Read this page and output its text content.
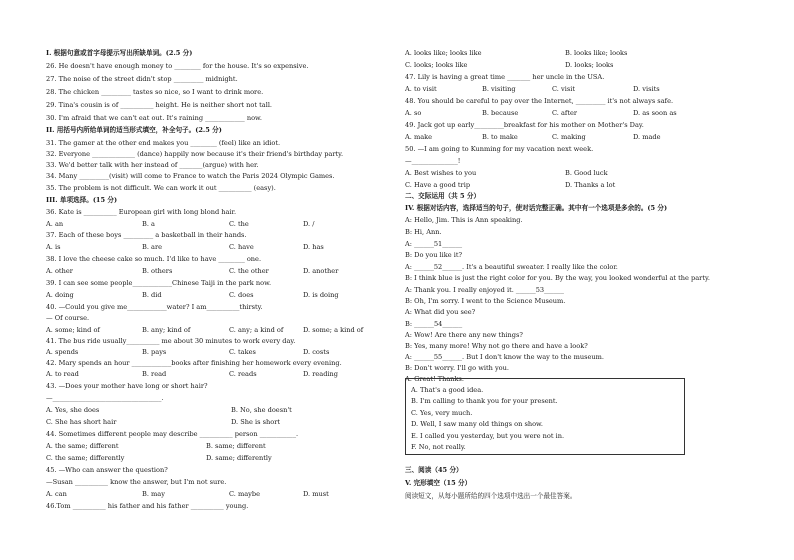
I. 根据句意或首字母提示写出所缺单词。(2.5 分)
26. He doesn't have enough money to ________ for the house. It's so expensive.
27. The noise of the street didn't stop _________ midnight.
28. The chicken _________ tastes so nice, so I want to drink more.
29. Tina's cousin is of __________ height. He is neither short not tall.
30. I'm afraid that we can't eat out. It's raining ____________ now.
II. 用括号内所给单词的适当形式填空，补全句子。(2.5 分)
31. The gamer at the other end makes you ________ (feel) like an idiot.
32. Everyone _____________ (dance) happily now because it's their friend's birthday party.
33. We'd better talk with her instead of _______(argue) with her.
34. Many _________(visit) will come to France to watch the Paris 2024 Olympic Games.
35. The problem is not difficult. We can work it out __________ (easy).
III. 单项选择。(15 分)
36. Kate is __________ European girl with long blond hair.
A. an	B. a	C. the	D. /
37. Each of these boys _________ a basketball in their hands.
A. is	B. are	C. have	D. has
38. I love the cheese cake so much. I'd like to have ________ one.
A. other	B. others	C. the other	D. another
39. I can see some people____________Chinese Taiji in the park now.
A. doing	B. did	C. does	D. is doing
40. —Could you give me____________water? I am__________thirsty.
— Of course.
A. some; kind of	B. any; kind of	C. any; a kind of	D. some; a kind of
41. The bus ride usually__________ me about 30 minutes to work every day.
A. spends	B. pays	C. takes	D. costs
42. Mary spends an hour ____________books after finishing her homework every evening.
A. to read	B. read	C. reads	D. reading
43. —Does your mother have long or short hair?
—_________________________________.
A. Yes, she does	B. No, she doesn't
C. She has short hair	D. She is short
44. Sometimes different people may describe __________ person ___________.
A. the same; different	B. same; different
C. the same; differently	D. same; differently
45. —Who can answer the question?
—Susan __________ know the answer, but I'm not sure.
A. can	B. may	C. maybe	D. must
46.Tom __________ his father and his father __________ young.
A. looks like; looks like	B. looks like; looks
C. looks; looks like	D. looks; looks
47. Lily is having a great time _______ her uncle in the USA.
A. to visit	B. visiting	C. visit	D. visits
48. You should be careful to pay over the Internet, _________ it's not always safe.
A. so	B. because	C. after	D. as soon as
49. Jack got up early_________breakfast for his mother on Mother's Day.
A. make	B. to make	C. making	D. made
50. —I am going to Kunming for my vacation next week.
—______________!
A. Best wishes to you	B. Good luck
C. Have a good trip	D. Thanks a lot
二、交际运用（共 5 分）
IV. 根据对话内容，选择适当的句子，使对话完整正确。其中有一个选项是多余的。(5 分)
A: Hello, Jim. This is Ann speaking.
B: Hi, Ann.
A: ______51______
B: Do you like it?
A: ______52______. It's a beautiful sweater. I really like the color.
B: I think blue is just the right color for you. By the way, you looked wonderful at the party.
A: Thank you. I really enjoyed it. ______53______
B: Oh, I'm sorry. I went to the Science Museum.
A: What did you see?
B: ______54______
A: Wow! Are there any new things?
B: Yes, many more! Why not go there and have a look?
A: ______55______. But I don't know the way to the museum.
B: Don't worry. I'll go with you.
A: Great! Thanks.
A. That's a good idea.
B. I'm calling to thank you for your present.
C. Yes, very much.
D. Well, I saw many old things on show.
E. I called you yesterday, but you were not in.
F. No, not really.
三、阅读（45 分）
V. 完形填空（15 分）
阅读短文，从每小题所给的四个选项中选出一个最佳答案。
